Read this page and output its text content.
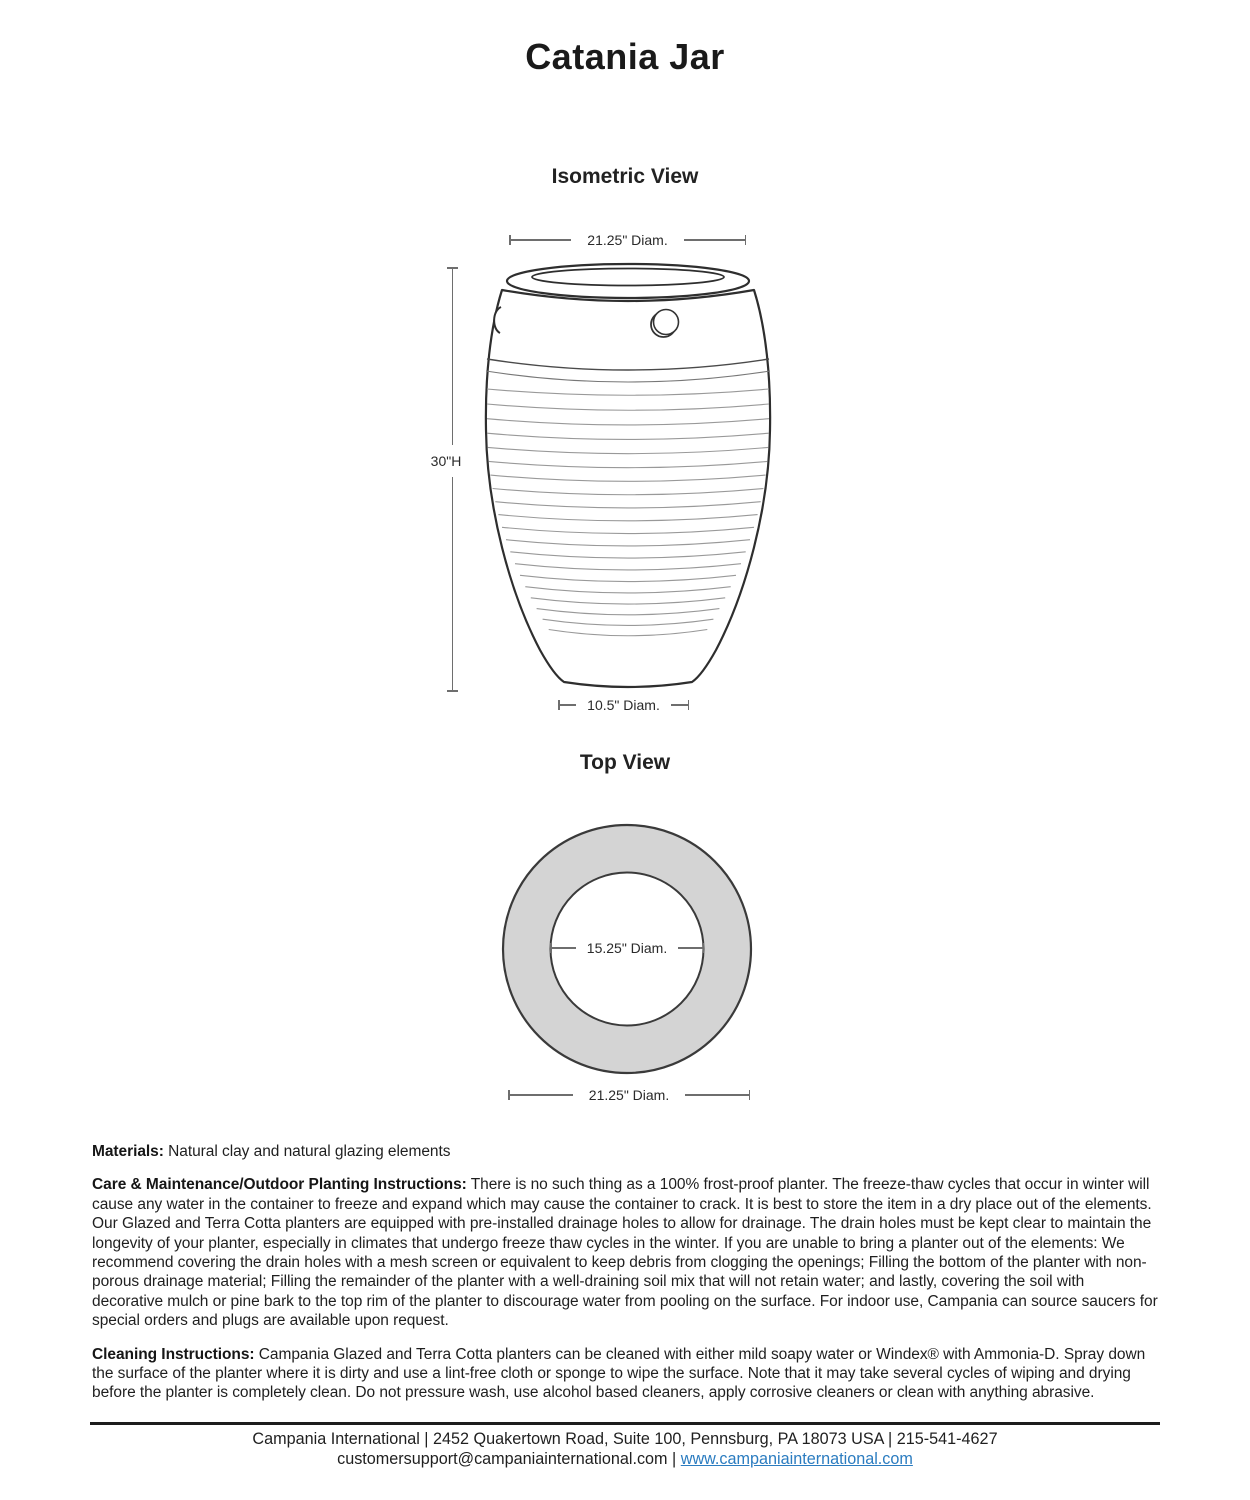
Catania Jar
Isometric View
21.25" Diam.
30"H
10.5" Diam.
Top View
15.25" Diam.
21.25" Diam.

Materials: Natural clay and natural glazing elements

Care & Maintenance/Outdoor Planting Instructions: There is no such thing as a 100% frost-proof planter. The freeze-thaw cycles that occur in winter will cause any water in the container to freeze and expand which may cause the container to crack. It is best to store the item in a dry place out of the elements. Our Glazed and Terra Cotta planters are equipped with pre-installed drainage holes to allow for drainage. The drain holes must be kept clear to maintain the longevity of your planter, especially in climates that undergo freeze thaw cycles in the winter. If you are unable to bring a planter out of the elements: We recommend covering the drain holes with a mesh screen or equivalent to keep debris from clogging the openings; Filling the bottom of the planter with non-porous drainage material; Filling the remainder of the planter with a well-draining soil mix that will not retain water; and lastly, covering the soil with decorative mulch or pine bark to the top rim of the planter to discourage water from pooling on the surface. For indoor use, Campania can source saucers for special orders and plugs are available upon request.

Cleaning Instructions: Campania Glazed and Terra Cotta planters can be cleaned with either mild soapy water or Windex® with Ammonia-D. Spray down the surface of the planter where it is dirty and use a lint-free cloth or sponge to wipe the surface. Note that it may take several cycles of wiping and drying before the planter is completely clean. Do not pressure wash, use alcohol based cleaners, apply corrosive cleaners or clean with anything abrasive.

Campania International | 2452 Quakertown Road, Suite 100, Pennsburg, PA 18073 USA | 215-541-4627
customersupport@campaniainternational.com | www.campaniainternational.com
